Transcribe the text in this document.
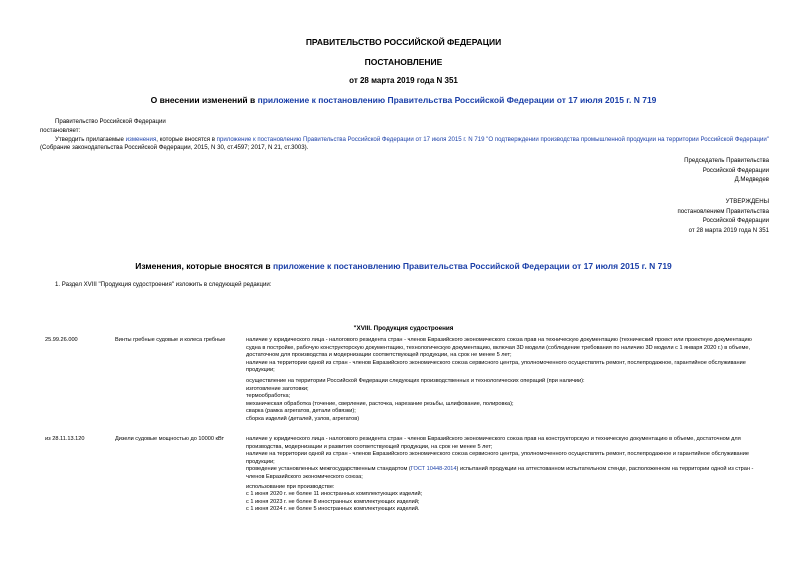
ПРАВИТЕЛЬСТВО РОССИЙСКОЙ ФЕДЕРАЦИИ
ПОСТАНОВЛЕНИЕ
от 28 марта 2019 года N 351
О внесении изменений в приложение к постановлению Правительства Российской Федерации от 17 июля 2015 г. N 719
Правительство Российской Федерации
постановляет:
Утвердить прилагаемые изменения, которые вносятся в приложение к постановлению Правительства Российской Федерации от 17 июля 2015 г. N 719 "О подтверждении производства промышленной продукции на территории Российской Федерации" (Собрание законодательства Российской Федерации, 2015, N 30, ст.4597; 2017, N 21, ст.3003).
Председатель Правительства
Российской Федерации
Д.Медведев
УТВЕРЖДЕНЫ
постановлением Правительства
Российской Федерации
от 28 марта 2019 года N 351
Изменения, которые вносятся в приложение к постановлению Правительства Российской Федерации от 17 июля 2015 г. N 719
1. Раздел XVIII "Продукция судостроения" изложить в следующей редакции:
"XVIII. Продукция судостроения
25.99.26.000	Винты гребные судовые и колеса гребные	наличие у юридического лица - налогового резидента стран - членов Евразийского экономического союза прав на техническую документацию (технический проект или проектную документацию судна в постройке, рабочую конструкторскую документацию, технологическую документацию, включая 3D модели (соблюдение требования по наличию 3D модели с 1 января 2020 г.) в объеме, достаточном для производства и модернизации соответствующей продукции, на срок не менее 5 лет;

наличие на территории одной из стран - членов Евразийского экономического союза сервисного центра, уполномоченного осуществлять ремонт, послепродажное, гарантийное обслуживание продукции;

осуществление на территории Российской Федерации следующих производственных и технологических операций (при наличии):

изготовление заготовки;
термообработка;
механическая обработка (точение, сверление, расточка, нарезание резьбы, шлифование, полировка);
сварка (рамка агрегатов, детали обвязки);
сборка изделий (деталей, узлов, агрегатов)
из 28.11.13.120	Дизели судовые мощностью до 10000 кВт	наличие у юридического лица - налогового резидента стран - членов Евразийского экономического союза прав на конструкторскую и техническую документацию в объеме, достаточном для производства, модернизации и развития соответствующей продукции, на срок не менее 5 лет;

наличие на территории одной из стран - членов Евразийского экономического союза сервисного центра, уполномоченного осуществлять ремонт, послепродажное и гарантийное обслуживание продукции;

проведение установленных межгосударственным стандартом (ГОСТ 10448-2014) испытаний продукции на аттестованном испытательном стенде, расположенном на территории одной из стран - членов Евразийского экономического союза;

использование при производстве:
с 1 июня 2020 г. не более 11 иностранных комплектующих изделий;
с 1 июня 2023 г. не более 8 иностранных комплектующих изделий;
с 1 июня 2024 г. не более 5 иностранных комплектующих изделий.
